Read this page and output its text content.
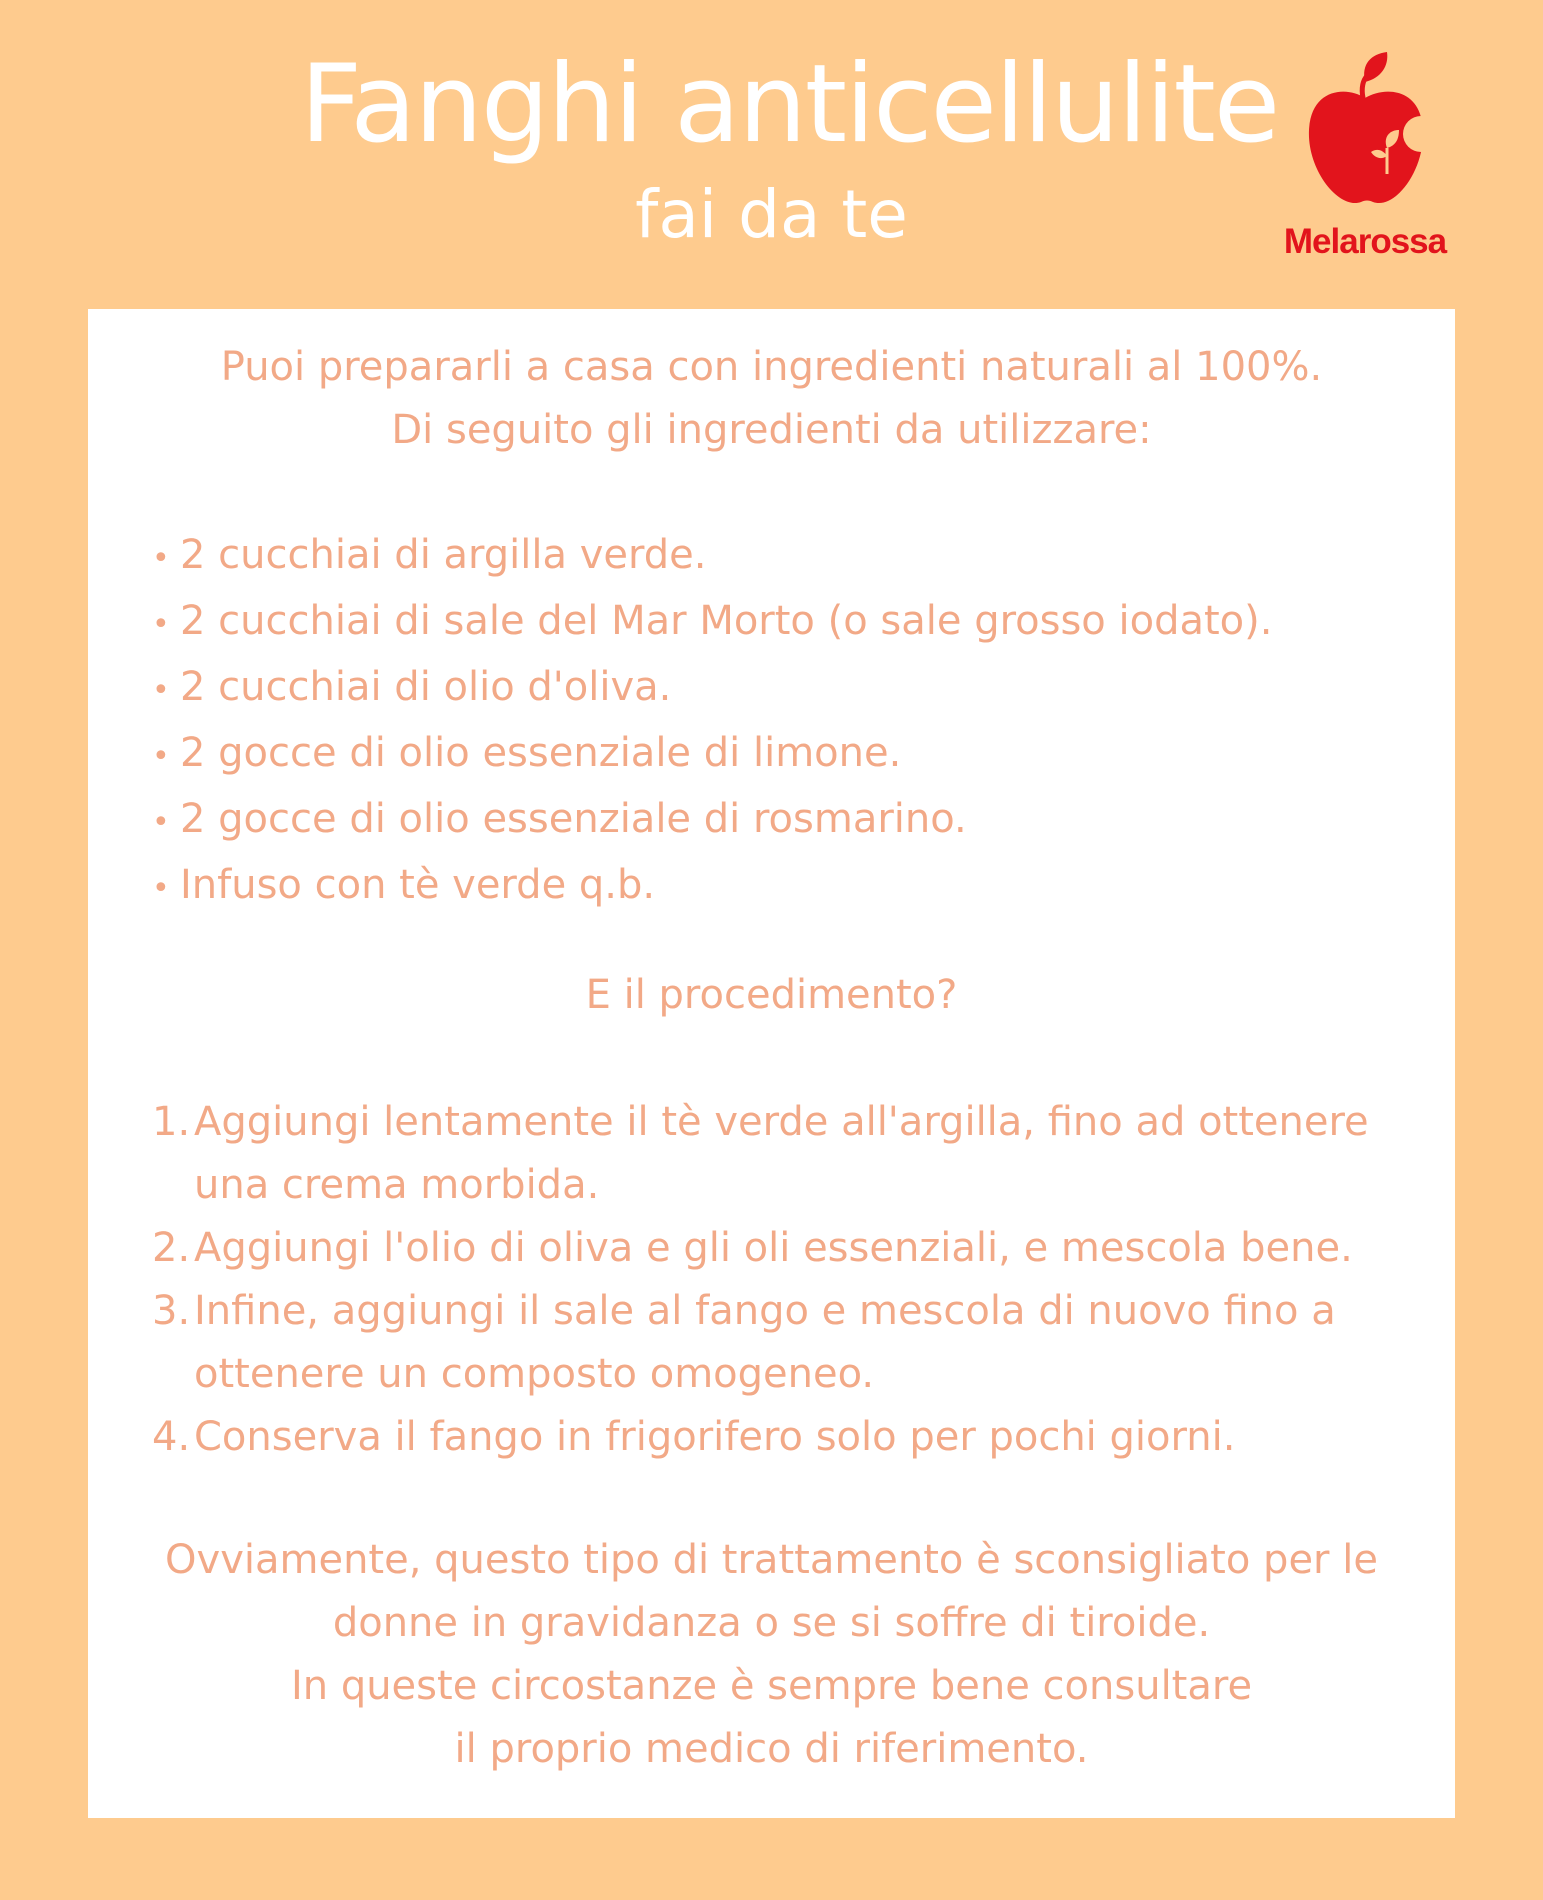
Fanghi anticellulite
fai da te	Melarossa
Puoi prepararli a casa con ingredienti naturali al 100%.
Di seguito gli ingredienti da utilizzare:
• 2 cucchiai di argilla verde.
• 2 cucchiai di sale del Mar Morto (o sale grosso iodato).
• 2 cucchiai di olio d'oliva.
• 2 gocce di olio essenziale di limone.
• 2 gocce di olio essenziale di rosmarino.
• Infuso con tè verde q.b.
E il procedimento?
1. Aggiungi lentamente il tè verde all'argilla, fino ad ottenere
una crema morbida.
2. Aggiungi l'olio di oliva e gli oli essenziali, e mescola bene.
3. Infine, aggiungi il sale al fango e mescola di nuovo fino a
ottenere un composto omogeneo.
4. Conserva il fango in frigorifero solo per pochi giorni.
Ovviamente, questo tipo di trattamento è sconsigliato per le
donne in gravidanza o se si soffre di tiroide.
In queste circostanze è sempre bene consultare
il proprio medico di riferimento.
